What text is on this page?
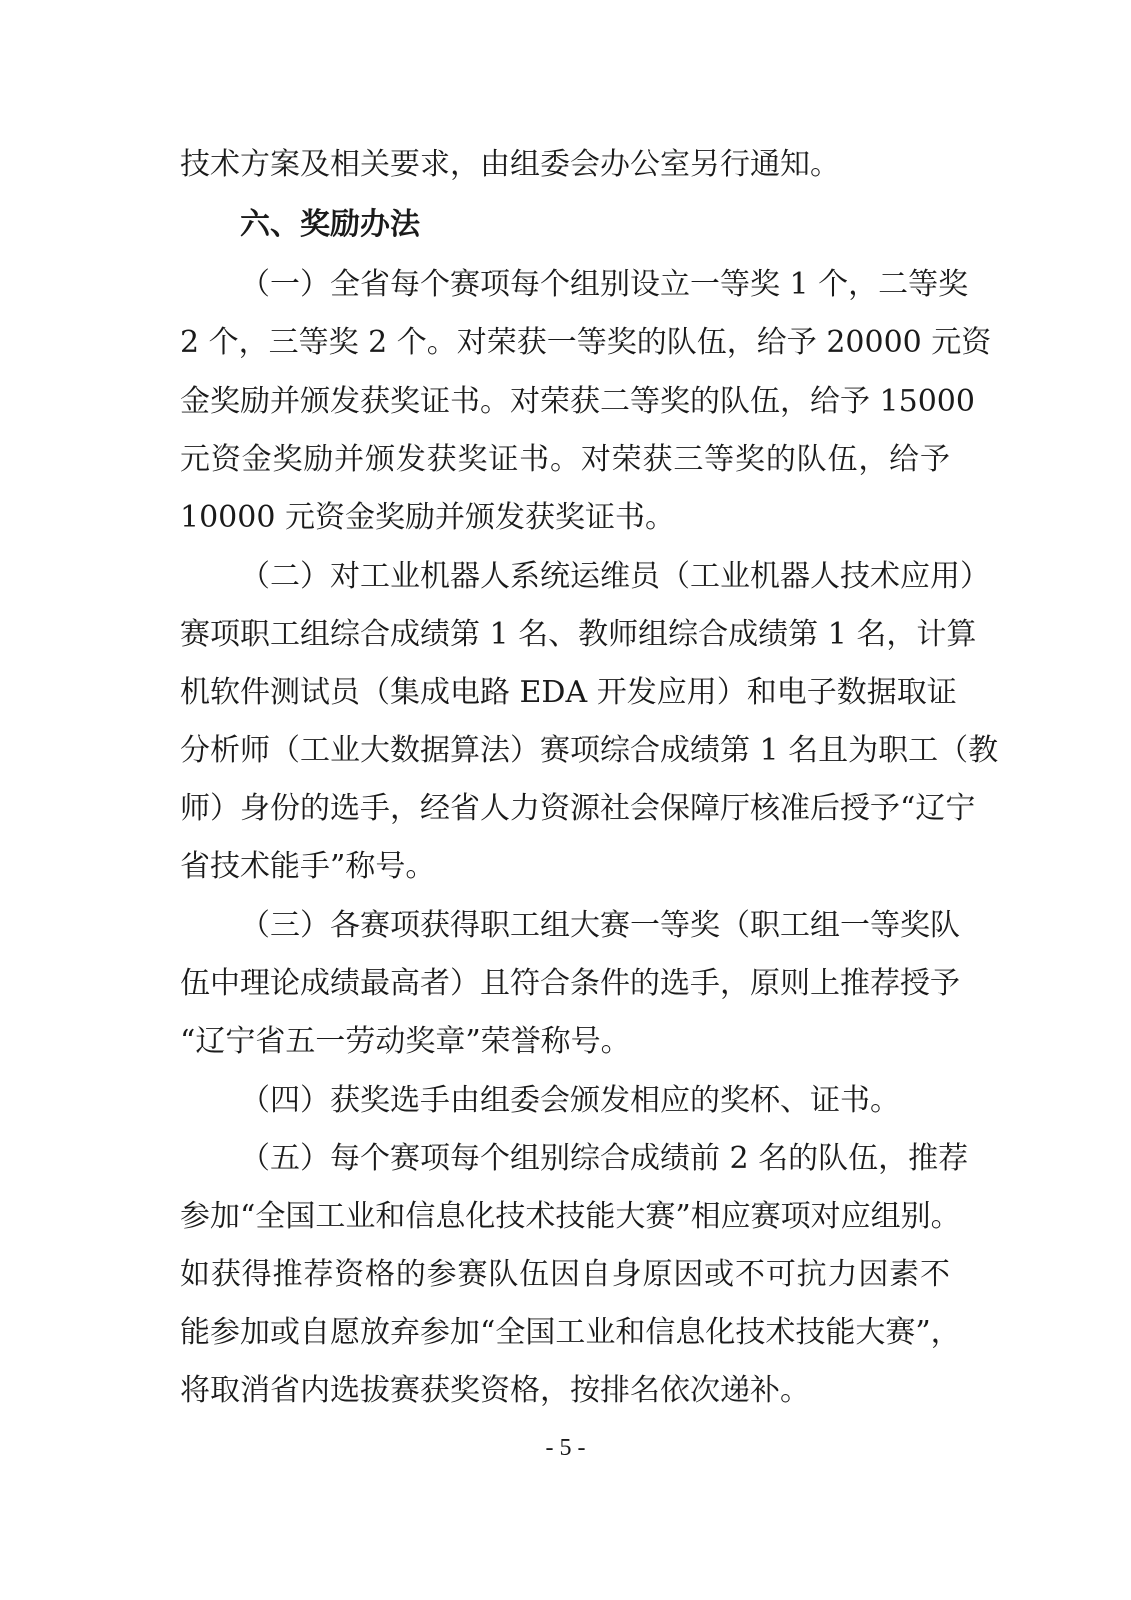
技术方案及相关要求，由组委会办公室另行通知。
六、奖励办法
（一）全省每个赛项每个组别设立一等奖 1 个，二等奖
2 个，三等奖 2 个。对荣获一等奖的队伍，给予 20000 元资
金奖励并颁发获奖证书。对荣获二等奖的队伍，给予 15000
元资金奖励并颁发获奖证书。对荣获三等奖的队伍，给予
10000 元资金奖励并颁发获奖证书。
（二）对工业机器人系统运维员（工业机器人技术应用）
赛项职工组综合成绩第 1 名、教师组综合成绩第 1 名，计算
机软件测试员（集成电路 EDA 开发应用）和电子数据取证
分析师（工业大数据算法）赛项综合成绩第 1 名且为职工（教
师）身份的选手，经省人力资源社会保障厅核准后授予“辽宁
省技术能手”称号。
（三）各赛项获得职工组大赛一等奖（职工组一等奖队
伍中理论成绩最高者）且符合条件的选手，原则上推荐授予
“辽宁省五一劳动奖章”荣誉称号。
（四）获奖选手由组委会颁发相应的奖杯、证书。
（五）每个赛项每个组别综合成绩前 2 名的队伍，推荐
参加“全国工业和信息化技术技能大赛”相应赛项对应组别。
如获得推荐资格的参赛队伍因自身原因或不可抗力因素不
能参加或自愿放弃参加“全国工业和信息化技术技能大赛”，
将取消省内选拔赛获奖资格，按排名依次递补。
- 5 -
